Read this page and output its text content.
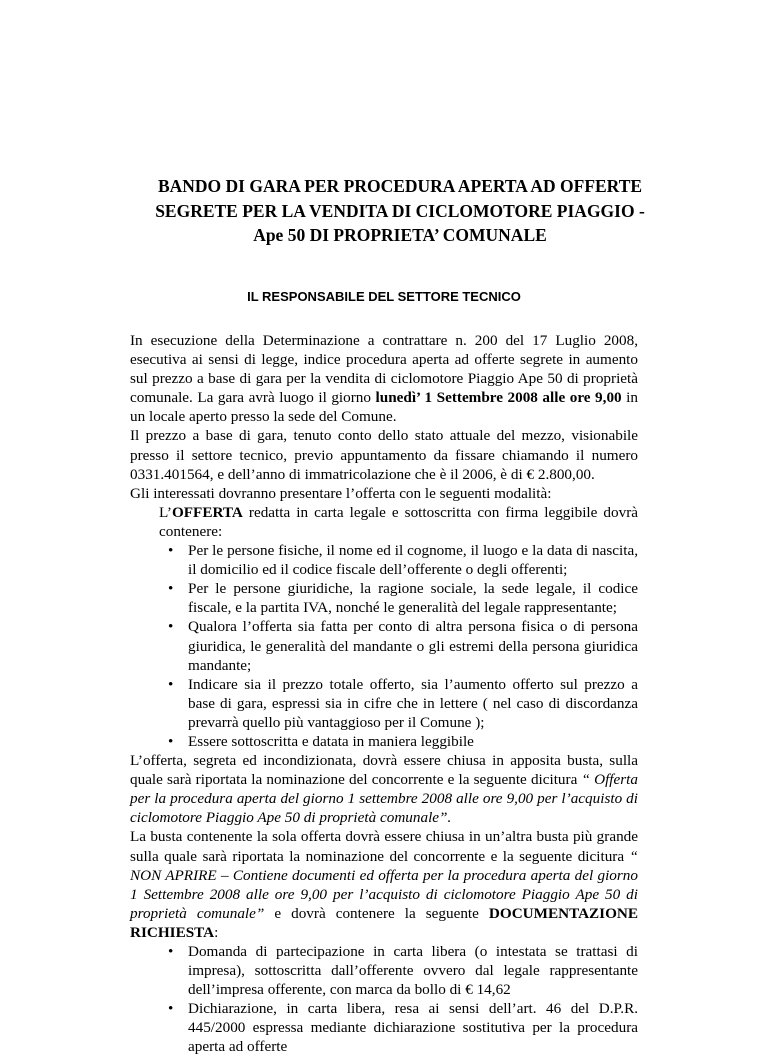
BANDO DI GARA PER PROCEDURA APERTA AD OFFERTE
SEGRETE PER LA VENDITA DI CICLOMOTORE PIAGGIO -
Ape 50 DI PROPRIETA’ COMUNALE
IL RESPONSABILE DEL SETTORE TECNICO

In esecuzione della Determinazione a contrattare n. 200 del 17 Luglio 2008, esecutiva ai sensi di legge, indice procedura aperta ad offerte segrete in aumento sul prezzo a base di gara per la vendita di ciclomotore Piaggio Ape 50 di proprietà comunale. La gara avrà luogo il giorno lunedì’ 1 Settembre 2008 alle ore 9,00 in un locale aperto presso la sede del Comune.

Il prezzo a base di gara, tenuto conto dello stato attuale del mezzo, visionabile presso il settore tecnico, previo appuntamento da fissare chiamando il numero 0331.401564, e dell’anno di immatricolazione che è il 2006, è di € 2.800,00.

Gli interessati dovranno presentare l’offerta con le seguenti modalità:

L’OFFERTA redatta in carta legale e sottoscritta con firma leggibile dovrà contenere:

• Per le persone fisiche, il nome ed il cognome, il luogo e la data di nascita, il domicilio ed il codice fiscale dell’offerente o degli offerenti;
• Per le persone giuridiche, la ragione sociale, la sede legale, il codice fiscale, e la partita IVA, nonché le generalità del legale rappresentante;
• Qualora l’offerta sia fatta per conto di altra persona fisica o di persona giuridica, le generalità del mandante o gli estremi della persona giuridica mandante;
• Indicare sia il prezzo totale offerto, sia l’aumento offerto sul prezzo a base di gara, espressi sia in cifre che in lettere ( nel caso di discordanza prevarrà quello più vantaggioso per il Comune );
• Essere sottoscritta e datata in maniera leggibile

L’offerta, segreta ed incondizionata, dovrà essere chiusa in apposita busta, sulla quale sarà riportata la nominazione del concorrente e la seguente dicitura “ Offerta per la procedura aperta del giorno 1 settembre 2008 alle ore 9,00 per l’acquisto di ciclomotore Piaggio Ape 50 di proprietà comunale”.

La busta contenente la sola offerta dovrà essere chiusa in un’altra busta più grande sulla quale sarà riportata la nominazione del concorrente e la seguente dicitura “ NON APRIRE – Contiene documenti ed offerta per la procedura aperta del giorno 1 Settembre 2008 alle ore 9,00 per l’acquisto di ciclomotore Piaggio Ape 50 di proprietà comunale” e dovrà contenere la seguente DOCUMENTAZIONE RICHIESTA:

• Domanda di partecipazione in carta libera (o intestata se trattasi di impresa), sottoscritta dall’offerente ovvero dal legale rappresentante dell’impresa offerente, con marca da bollo di € 14,62
• Dichiarazione, in carta libera, resa ai sensi dell’art. 46 del D.P.R. 445/2000 espressa mediante dichiarazione sostitutiva per la procedura aperta ad offerte
